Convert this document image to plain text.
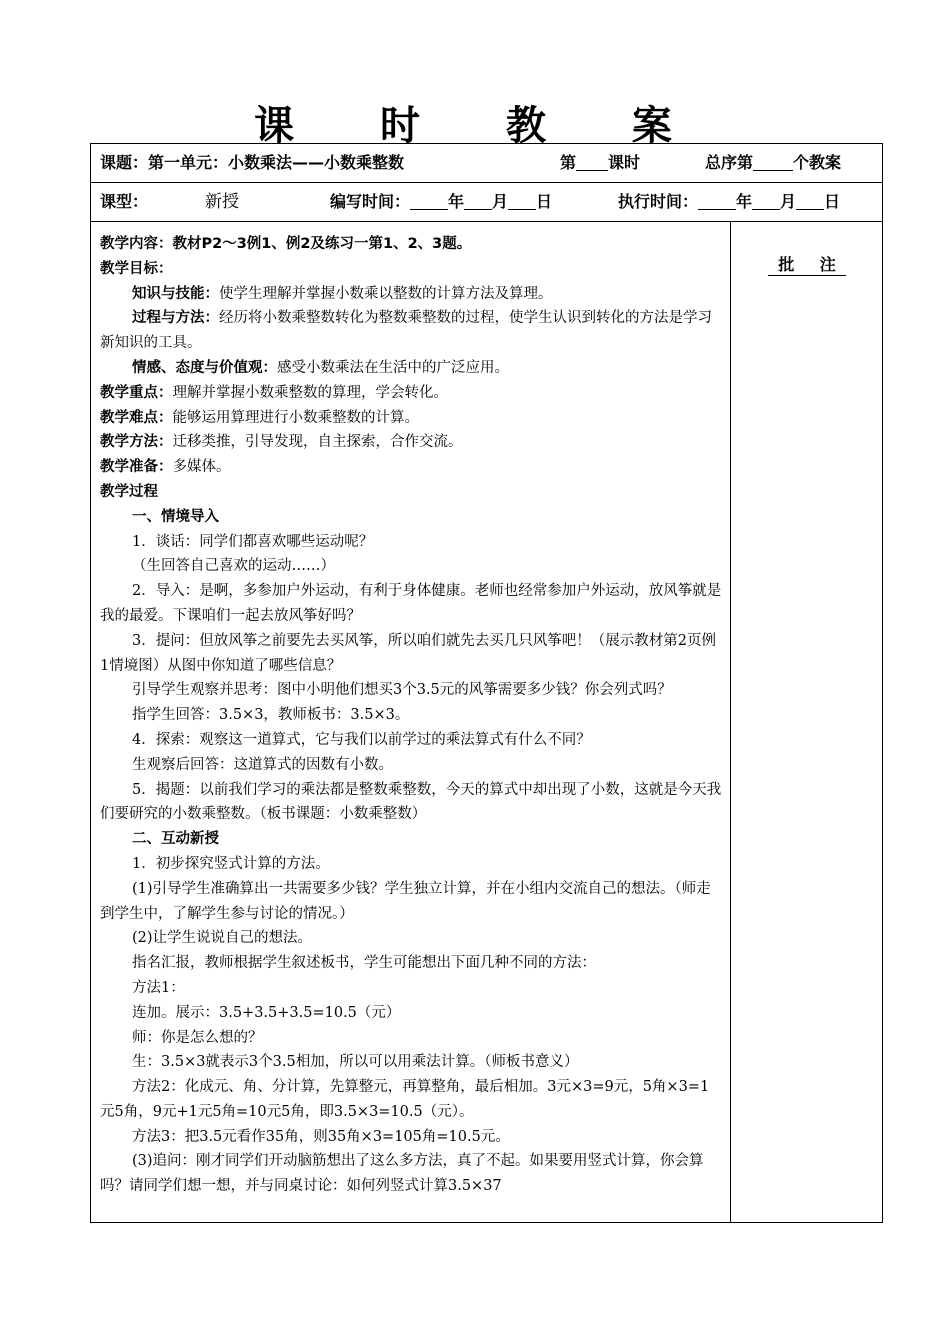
课 时 教 案
课题：第一单元：小数乘法——小数乘整数	第 课时	总序第	个教案
课型：	新授	编写时间： 年 月 日	执行时间： 年 月 日
批 注

教学内容：教材P2～3例1、例2及练习一第1、2、3题。

教学目标：

知识与技能：使学生理解并掌握小数乘以整数的计算方法及算理。

过程与方法：经历将小数乘整数转化为整数乘整数的过程，使学生认识到转化的方法是学习新知识的工具。

情感、态度与价值观：感受小数乘法在生活中的广泛应用。

教学重点：理解并掌握小数乘整数的算理，学会转化。

教学难点：能够运用算理进行小数乘整数的计算。

教学方法：迁移类推，引导发现，自主探索，合作交流。

教学准备：多媒体。

教学过程

一、情境导入

1．谈话：同学们都喜欢哪些运动呢？

（生回答自己喜欢的运动……）

2．导入：是啊，多参加户外运动，有利于身体健康。老师也经常参加户外运动，放风筝就是我的最爱。下课咱们一起去放风筝好吗？

3．提问：但放风筝之前要先去买风筝，所以咱们就先去买几只风筝吧！（展示教材第2页例1情境图）从图中你知道了哪些信息？

引导学生观察并思考：图中小明他们想买3个3.5元的风筝需要多少钱？你会列式吗？

指学生回答：3.5×3，教师板书：3.5×3。

4．探索：观察这一道算式，它与我们以前学过的乘法算式有什么不同？

生观察后回答：这道算式的因数有小数。

5．揭题：以前我们学习的乘法都是整数乘整数，今天的算式中却出现了小数，这就是今天我们要研究的小数乘整数。（板书课题：小数乘整数）

二、互动新授

1．初步探究竖式计算的方法。

(1)引导学生准确算出一共需要多少钱？学生独立计算，并在小组内交流自己的想法。（师走到学生中，了解学生参与讨论的情况。）

(2)让学生说说自己的想法。

指名汇报，教师根据学生叙述板书，学生可能想出下面几种不同的方法：

方法1：

连加。展示：3.5+3.5+3.5=10.5（元）

师：你是怎么想的？

生：3.5×3就表示3个3.5相加，所以可以用乘法计算。（师板书意义）

方法2：化成元、角、分计算，先算整元，再算整角，最后相加。3元×3=9元，5角×3=1元5角，9元+1元5角=10元5角，即3.5×3=10.5（元）。

方法3：把3.5元看作35角，则35角×3=105角=10.5元。

(3)追问：刚才同学们开动脑筋想出了这么多方法，真了不起。如果要用竖式计算，你会算吗？请同学们想一想，并与同桌讨论：如何列竖式计算3.5×37
